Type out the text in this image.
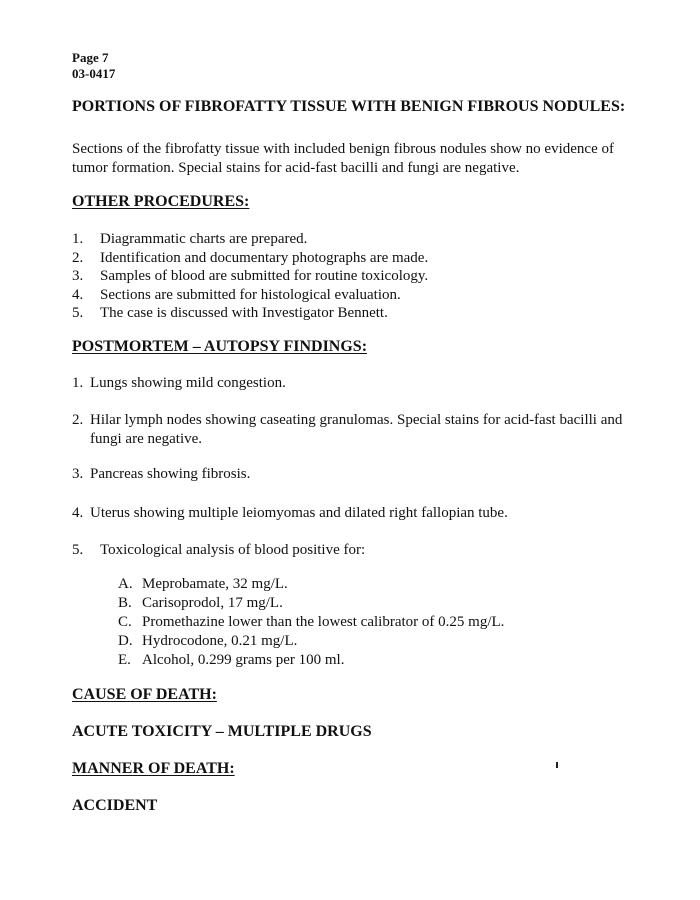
Page 7
03-0417
PORTIONS OF FIBROFATTY TISSUE WITH BENIGN FIBROUS NODULES:
Sections of the fibrofatty tissue with included benign fibrous nodules show no evidence of tumor formation. Special stains for acid-fast bacilli and fungi are negative.
OTHER PROCEDURES:
1.	Diagrammatic charts are prepared.
2.	Identification and documentary photographs are made.
3.	Samples of blood are submitted for routine toxicology.
4.	Sections are submitted for histological evaluation.
5.	The case is discussed with Investigator Bennett.
POSTMORTEM – AUTOPSY FINDINGS:
1. Lungs showing mild congestion.
2. Hilar lymph nodes showing caseating granulomas. Special stains for acid-fast bacilli and fungi are negative.
3. Pancreas showing fibrosis.
4. Uterus showing multiple leiomyomas and dilated right fallopian tube.
5.	Toxicological analysis of blood positive for:
A. Meprobamate, 32 mg/L.
B. Carisoprodol, 17 mg/L.
C. Promethazine lower than the lowest calibrator of 0.25 mg/L.
D. Hydrocodone, 0.21 mg/L.
E. Alcohol, 0.299 grams per 100 ml.
CAUSE OF DEATH:
ACUTE TOXICITY – MULTIPLE DRUGS
MANNER OF DEATH:
ACCIDENT
